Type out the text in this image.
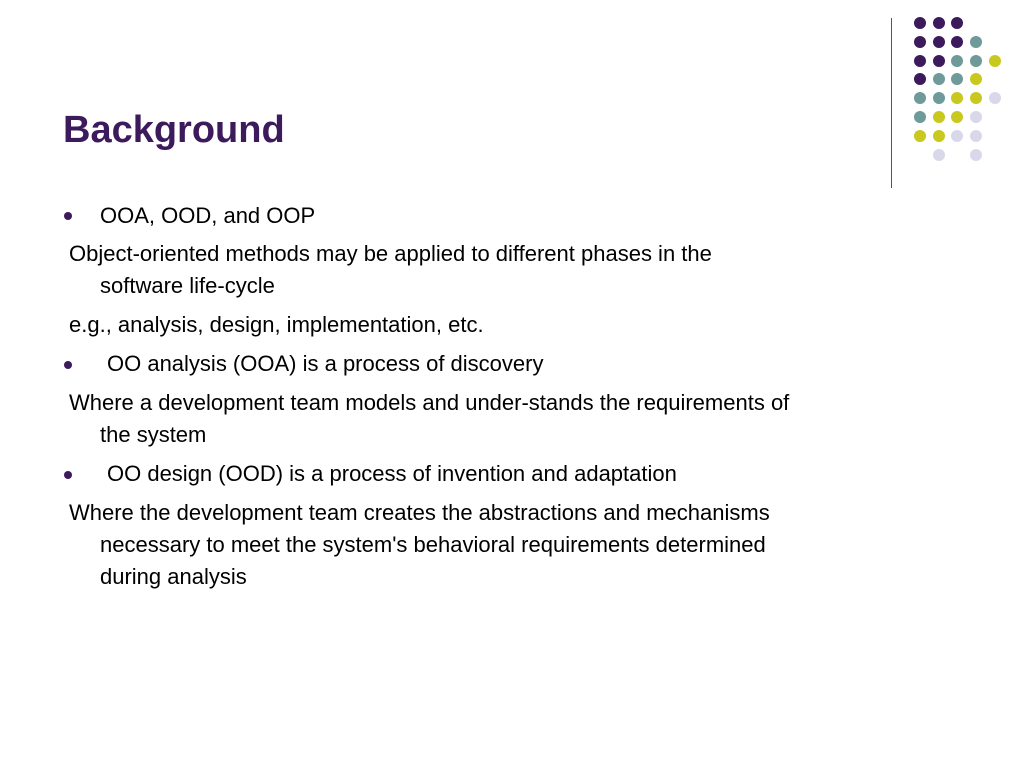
Background

OOA, OOD, and OOP

Object-oriented methods may be applied to different phases in the

software life-cycle

e.g., analysis, design, implementation, etc.

OO analysis (OOA) is a process of discovery

Where a development team models and under-stands the requirements of

the system

OO design (OOD) is a process of invention and adaptation

Where the development team creates the abstractions and mechanisms

necessary to meet the system's behavioral requirements determined

during analysis
